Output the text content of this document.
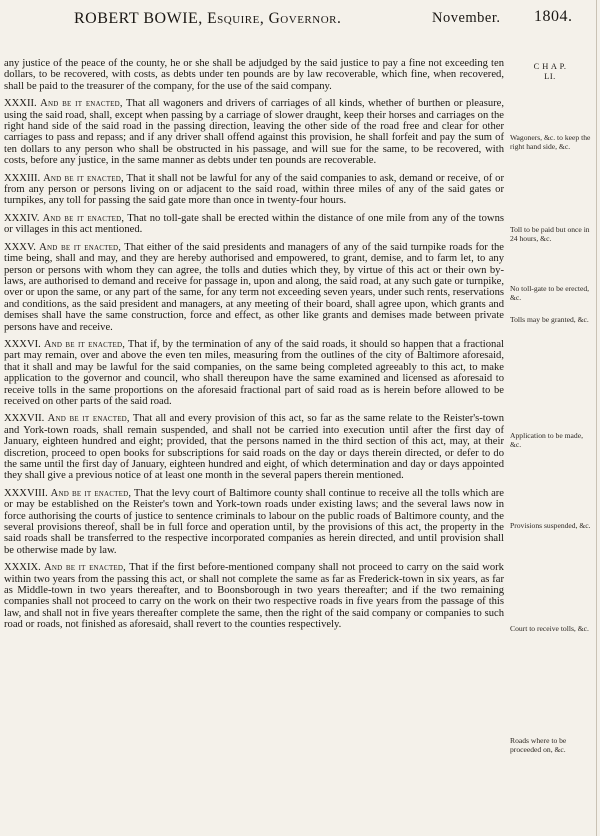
ROBERT BOWIE, Esquire, Governor.	November. 1804.
C H A P.
LI.

any justice of the peace of the county, he or she shall be adjudged by the said justice to pay a fine not exceeding ten dollars, to be recovered, with costs, as debts under ten pounds are by law recoverable, which fine, when recovered, shall be paid to the treasurer of the company, for the use of the said company.

XXXII. And be it enacted, That all wagoners and drivers of carriages of all kinds, whether of burthen or pleasure, using the said road, shall, except when passing by a carriage of slower draught, keep their horses and carriages on the right hand side of the said road in the passing direction, leaving the other side of the road free and clear for other carriages to pass and repass; and if any driver shall offend against this provision, he shall forfeit and pay the sum of ten dollars to any person who shall be obstructed in his passage, and will sue for the same, to be recovered, with costs, before any justice, in the same manner as debts under ten pounds are recoverable.

XXXIII. And be it enacted, That it shall not be lawful for any of the said companies to ask, demand or receive, of or from any person or persons living on or adjacent to the said road, within three miles of any of the said gates or turnpikes, any toll for passing the said gate more than once in twenty-four hours.

XXXIV. And be it enacted, That no toll-gate shall be erected within the distance of one mile from any of the towns or villages in this act mentioned.

XXXV. And be it enacted, That either of the said presidents and managers of any of the said turnpike roads for the time being, shall and may, and they are hereby authorised and empowered, to grant, demise, and to farm let, to any person or persons with whom they can agree, the tolls and duties which they, by virtue of this act or their own by-laws, are authorised to demand and receive for passage in, upon and along, the said road, at any such gate or turnpike, over or upon the same, or any part of the same, for any term not exceeding seven years, under such rents, reservations and conditions, as the said president and managers, at any meeting of their board, shall agree upon, which grants and demises shall have the same construction, force and effect, as other like grants and demises made between private persons have and receive.

XXXVI. And be it enacted, That if, by the termination of any of the said roads, it should so happen that a fractional part may remain, over and above the even ten miles, measuring from the outlines of the city of Baltimore aforesaid, that it shall and may be lawful for the said companies, on the same being completed agreeably to this act, to make application to the governor and council, who shall thereupon have the same examined and licensed as aforesaid to receive tolls in the same proportions on the aforesaid fractional part of said road as is herein before allowed to be received on other parts of the said road.

XXXVII. And be it enacted, That all and every provision of this act, so far as the same relate to the Reister's-town and York-town roads, shall remain suspended, and shall not be carried into execution until after the first day of January, eighteen hundred and eight; provided, that the persons named in the third section of this act, may, at their discretion, proceed to open books for subscriptions for said roads on the day or days therein directed, or defer to do the same until the first day of January, eighteen hundred and eight, of which determination and day or days appointed they shall give a previous notice of at least one month in the several papers therein mentioned.

XXXVIII. And be it enacted, That the levy court of Baltimore county shall continue to receive all the tolls which are or may be established on the Reister's town and York-town roads under existing laws; and the several laws now in force authorising the courts of justice to sentence criminals to labour on the public roads of Baltimore county, and the several provisions thereof, shall be in full force and operation until, by the provisions of this act, the property in the said roads shall be transferred to the respective incorporated companies as herein directed, and until provision shall be otherwise made by law.

XXXIX. And be it enacted, That if the first before-mentioned company shall not proceed to carry on the said work within two years from the passing this act, or shall not complete the same as far as Frederick-town in six years, as far as Middle-town in two years thereafter, and to Boonsborough in two years thereafter; and if the two remaining companies shall not proceed to carry on the work on their two respective roads in five years from the passage of this law, and shall not in five years thereafter complete the same, then the right of the said company or companies to such road or roads, not finished as aforesaid, shall revert to the counties respectively.

Wagoners, &c. to keep the right hand side, &c.
Toll to be paid but once in 24 hours, &c.
No toll-gate to be erected, &c.
Tolls may be granted, &c.
Application to be made, &c.
Provisions suspended, &c.
Court to receive tolls, &c.
Roads where to be proceeded on, &c.
